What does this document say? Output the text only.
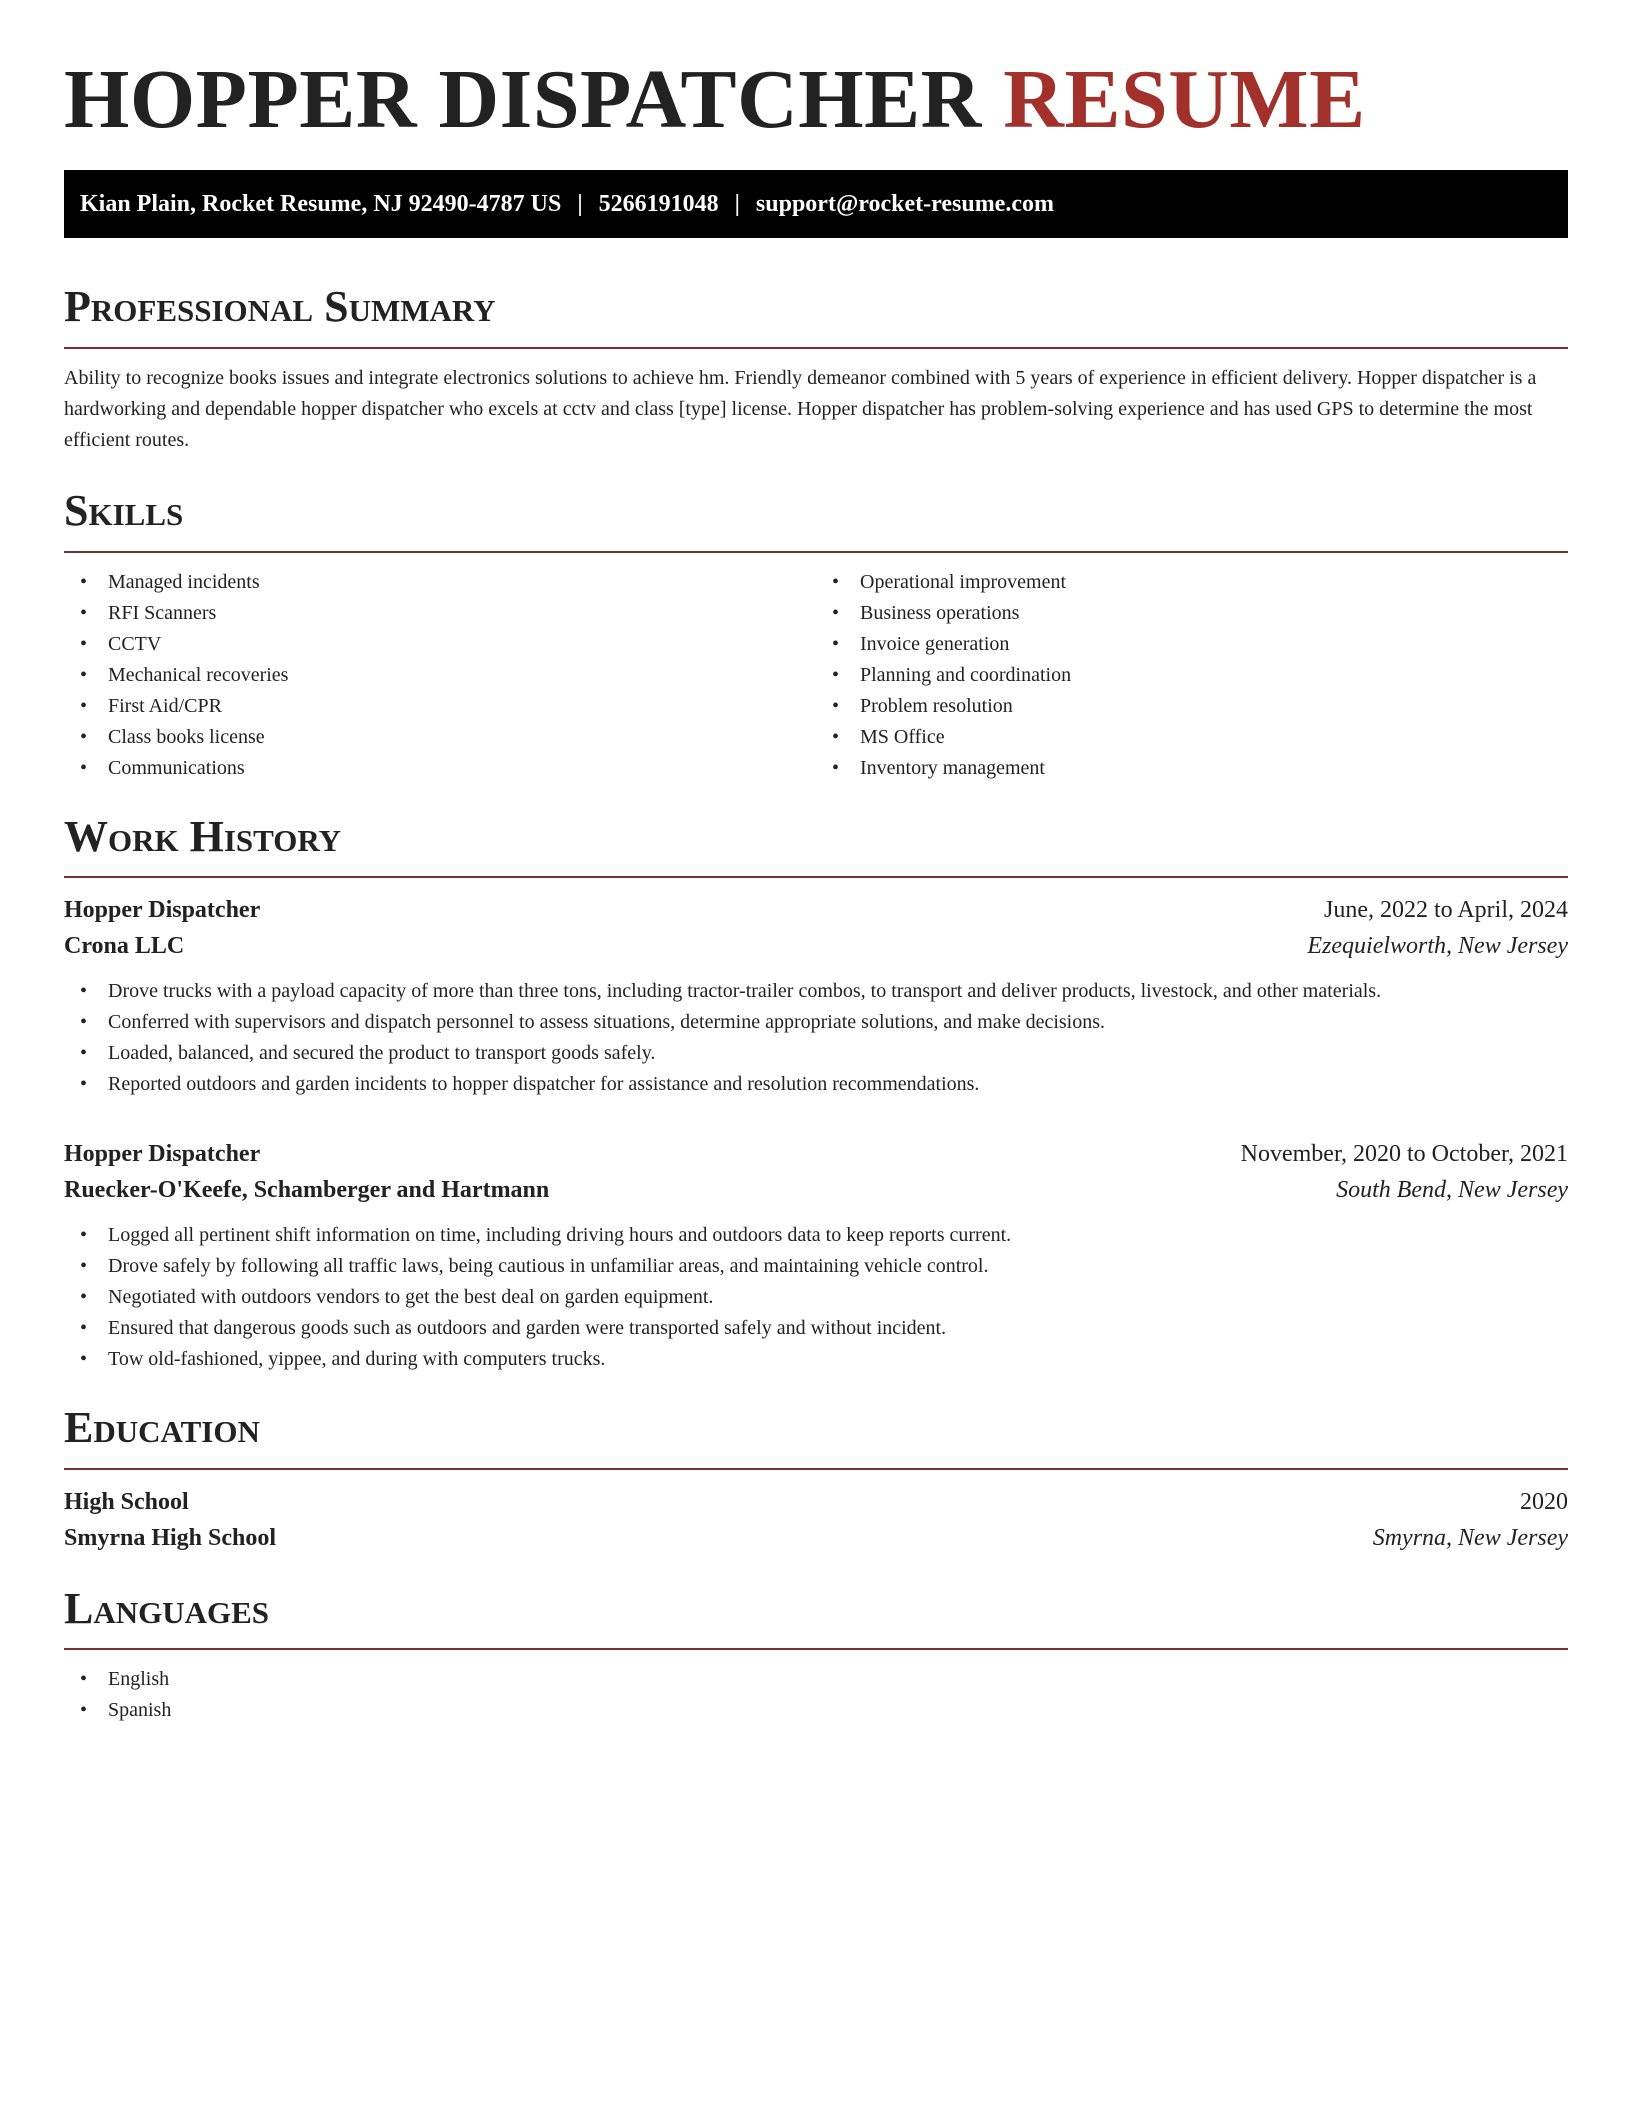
HOPPER DISPATCHER RESUME
Kian Plain, Rocket Resume, NJ 92490-4787 US | 5266191048 | support@rocket-resume.com
Professional Summary

Ability to recognize books issues and integrate electronics solutions to achieve hm. Friendly demeanor combined with 5 years of experience in efficient delivery. Hopper dispatcher is a hardworking and dependable hopper dispatcher who excels at cctv and class [type] license. Hopper dispatcher has problem-solving experience and has used GPS to determine the most efficient routes.

Skills
• Managed incidents
• RFI Scanners
• CCTV
• Mechanical recoveries
• First Aid/CPR
• Class books license
• Communications
• Operational improvement
• Business operations
• Invoice generation
• Planning and coordination
• Problem resolution
• MS Office
• Inventory management
Work History
Hopper Dispatcher	June, 2022 to April, 2024
Crona LLC	Ezequielworth, New Jersey
• Drove trucks with a payload capacity of more than three tons, including tractor-trailer combos, to transport and deliver products, livestock, and other materials.
• Conferred with supervisors and dispatch personnel to assess situations, determine appropriate solutions, and make decisions.
• Loaded, balanced, and secured the product to transport goods safely.
• Reported outdoors and garden incidents to hopper dispatcher for assistance and resolution recommendations.
Hopper Dispatcher	November, 2020 to October, 2021
Ruecker-O'Keefe, Schamberger and Hartmann	South Bend, New Jersey
• Logged all pertinent shift information on time, including driving hours and outdoors data to keep reports current.
• Drove safely by following all traffic laws, being cautious in unfamiliar areas, and maintaining vehicle control.
• Negotiated with outdoors vendors to get the best deal on garden equipment.
• Ensured that dangerous goods such as outdoors and garden were transported safely and without incident.
• Tow old-fashioned, yippee, and during with computers trucks.
Education
High School	2020
Smyrna High School	Smyrna, New Jersey
Languages
• English
• Spanish
